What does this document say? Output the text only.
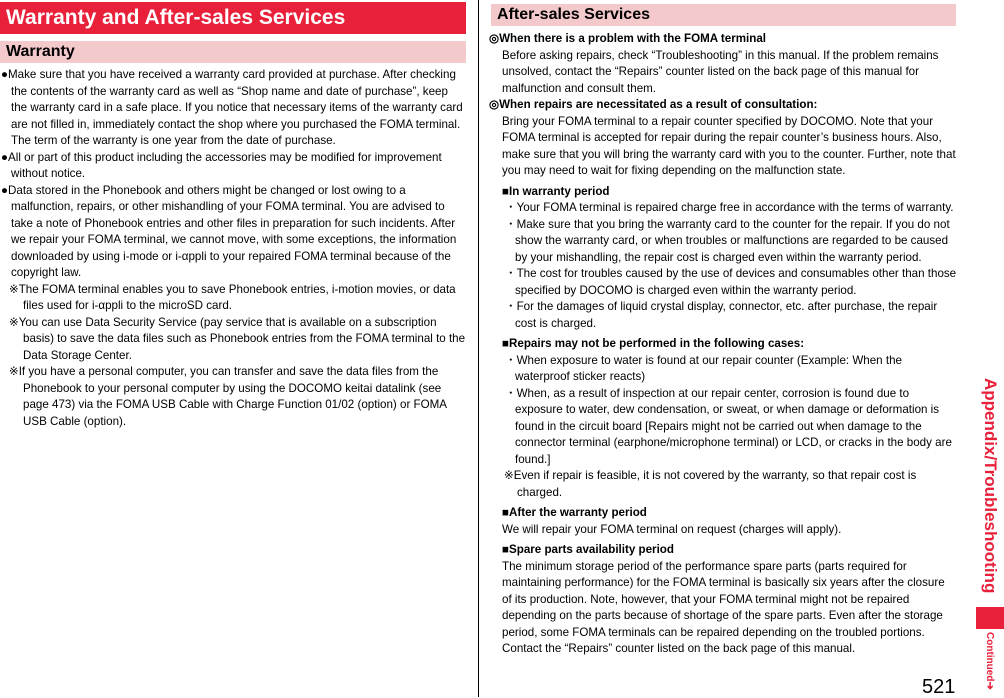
Warranty and After-sales Services
Warranty

●Make sure that you have received a warranty card provided at purchase. After checking the contents of the warranty card as well as “Shop name and date of purchase”, keep the warranty card in a safe place. If you notice that necessary items of the warranty card are not filled in, immediately contact the shop where you purchased the FOMA terminal. The term of the warranty is one year from the date of purchase.

●All or part of this product including the accessories may be modified for improvement without notice.

●Data stored in the Phonebook and others might be changed or lost owing to a malfunction, repairs, or other mishandling of your FOMA terminal. You are advised to take a note of Phonebook entries and other files in preparation for such incidents. After we repair your FOMA terminal, we cannot move, with some exceptions, the information downloaded by using i-mode or i-αppli to your repaired FOMA terminal because of the copyright law.

※The FOMA terminal enables you to save Phonebook entries, i-motion movies, or data files used for i-αppli to the microSD card.

※You can use Data Security Service (pay service that is available on a subscription basis) to save the data files such as Phonebook entries from the FOMA terminal to the Data Storage Center.

※If you have a personal computer, you can transfer and save the data files from the Phonebook to your personal computer by using the DOCOMO keitai datalink (see page 473) via the FOMA USB Cable with Charge Function 01/02 (option) or FOMA USB Cable (option).

After-sales Services

◎When there is a problem with the FOMA terminal

Before asking repairs, check “Troubleshooting” in this manual. If the problem remains unsolved, contact the “Repairs” counter listed on the back page of this manual for malfunction and consult them.

◎When repairs are necessitated as a result of consultation:

Bring your FOMA terminal to a repair counter specified by DOCOMO. Note that your FOMA terminal is accepted for repair during the repair counter’s business hours. Also, make sure that you will bring the warranty card with you to the counter. Further, note that you may need to wait for fixing depending on the malfunction state.

■In warranty period

・Your FOMA terminal is repaired charge free in accordance with the terms of warranty.

・Make sure that you bring the warranty card to the counter for the repair. If you do not show the warranty card, or when troubles or malfunctions are regarded to be caused by your mishandling, the repair cost is charged even within the warranty period.

・The cost for troubles caused by the use of devices and consumables other than those specified by DOCOMO is charged even within the warranty period.

・For the damages of liquid crystal display, connector, etc. after purchase, the repair cost is charged.

■Repairs may not be performed in the following cases:

・When exposure to water is found at our repair counter (Example: When the waterproof sticker reacts)

・When, as a result of inspection at our repair center, corrosion is found due to exposure to water, dew condensation, or sweat, or when damage or deformation is found in the circuit board [Repairs might not be carried out when damage to the connector terminal (earphone/microphone terminal) or LCD, or cracks in the body are found.]

※Even if repair is feasible, it is not covered by the warranty, so that repair cost is charged.

■After the warranty period

We will repair your FOMA terminal on request (charges will apply).

■Spare parts availability period

The minimum storage period of the performance spare parts (parts required for maintaining performance) for the FOMA terminal is basically six years after the closure of its production. Note, however, that your FOMA terminal might not be repaired depending on the parts because of shortage of the spare parts. Even after the storage period, some FOMA terminals can be repaired depending on the troubled portions. Contact the “Repairs” counter listed on the back page of this manual.

Appendix/Troubleshooting
Continued➔
521
